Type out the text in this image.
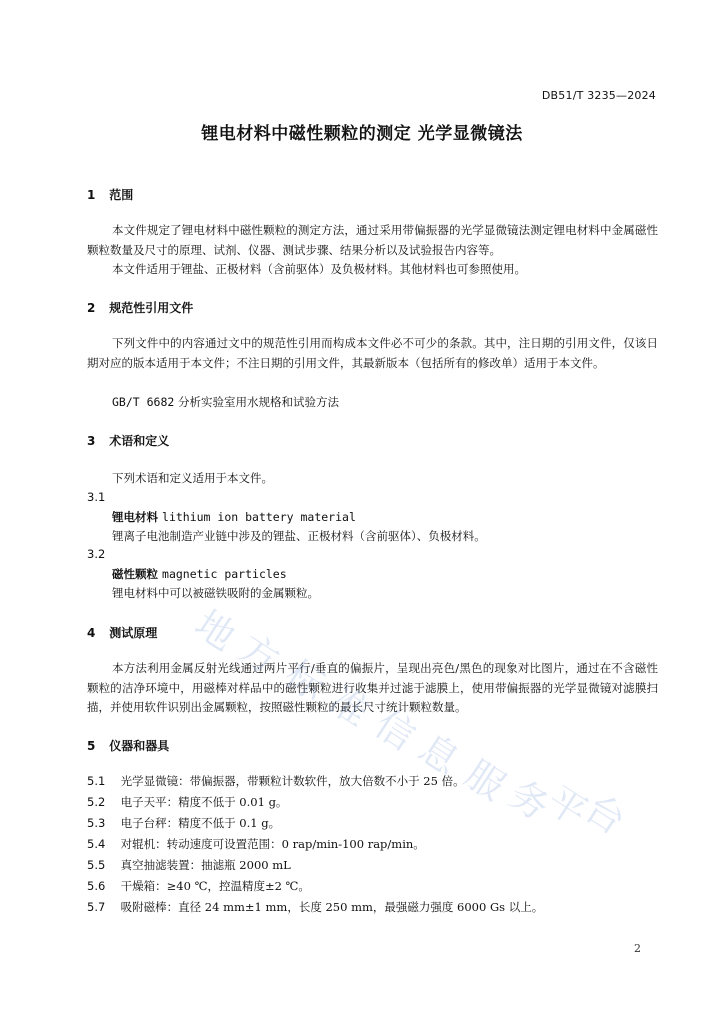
DB51/T 3235—2024
锂电材料中磁性颗粒的测定 光学显微镜法
1 范围
本文件规定了锂电材料中磁性颗粒的测定方法，通过采用带偏振器的光学显微镜法测定锂电材料中金属磁性颗粒数量及尺寸的原理、试剂、仪器、测试步骤、结果分析以及试验报告内容等。
本文件适用于锂盐、正极材料（含前驱体）及负极材料。其他材料也可参照使用。
2 规范性引用文件
下列文件中的内容通过文中的规范性引用而构成本文件必不可少的条款。其中，注日期的引用文件，仅该日期对应的版本适用于本文件；不注日期的引用文件，其最新版本（包括所有的修改单）适用于本文件。
GB/T 6682 分析实验室用水规格和试验方法
3 术语和定义
下列术语和定义适用于本文件。
3.1
锂电材料 lithium ion battery material
锂离子电池制造产业链中涉及的锂盐、正极材料（含前驱体）、负极材料。
3.2
磁性颗粒 magnetic particles
锂电材料中可以被磁铁吸附的金属颗粒。
4 测试原理
本方法利用金属反射光线通过两片平行/垂直的偏振片，呈现出亮色/黑色的现象对比图片，通过在不含磁性颗粒的洁净环境中，用磁棒对样品中的磁性颗粒进行收集并过滤于滤膜上，使用带偏振器的光学显微镜对滤膜扫描，并使用软件识别出金属颗粒，按照磁性颗粒的最长尺寸统计颗粒数量。
5 仪器和器具
5.1 光学显微镜：带偏振器，带颗粒计数软件，放大倍数不小于 25 倍。
5.2 电子天平：精度不低于 0.01 g。
5.3 电子台秤：精度不低于 0.1 g。
5.4 对辊机：转动速度可设置范围：0 rap/min-100 rap/min。
5.5 真空抽滤装置：抽滤瓶 2000 mL
5.6 干燥箱：≥40 ℃，控温精度±2 ℃。
5.7 吸附磁棒：直径 24 mm±1 mm，长度 250 mm，最强磁力强度 6000 Gs 以上。
地
方
标
准
信
息
服
务
平
台
2
